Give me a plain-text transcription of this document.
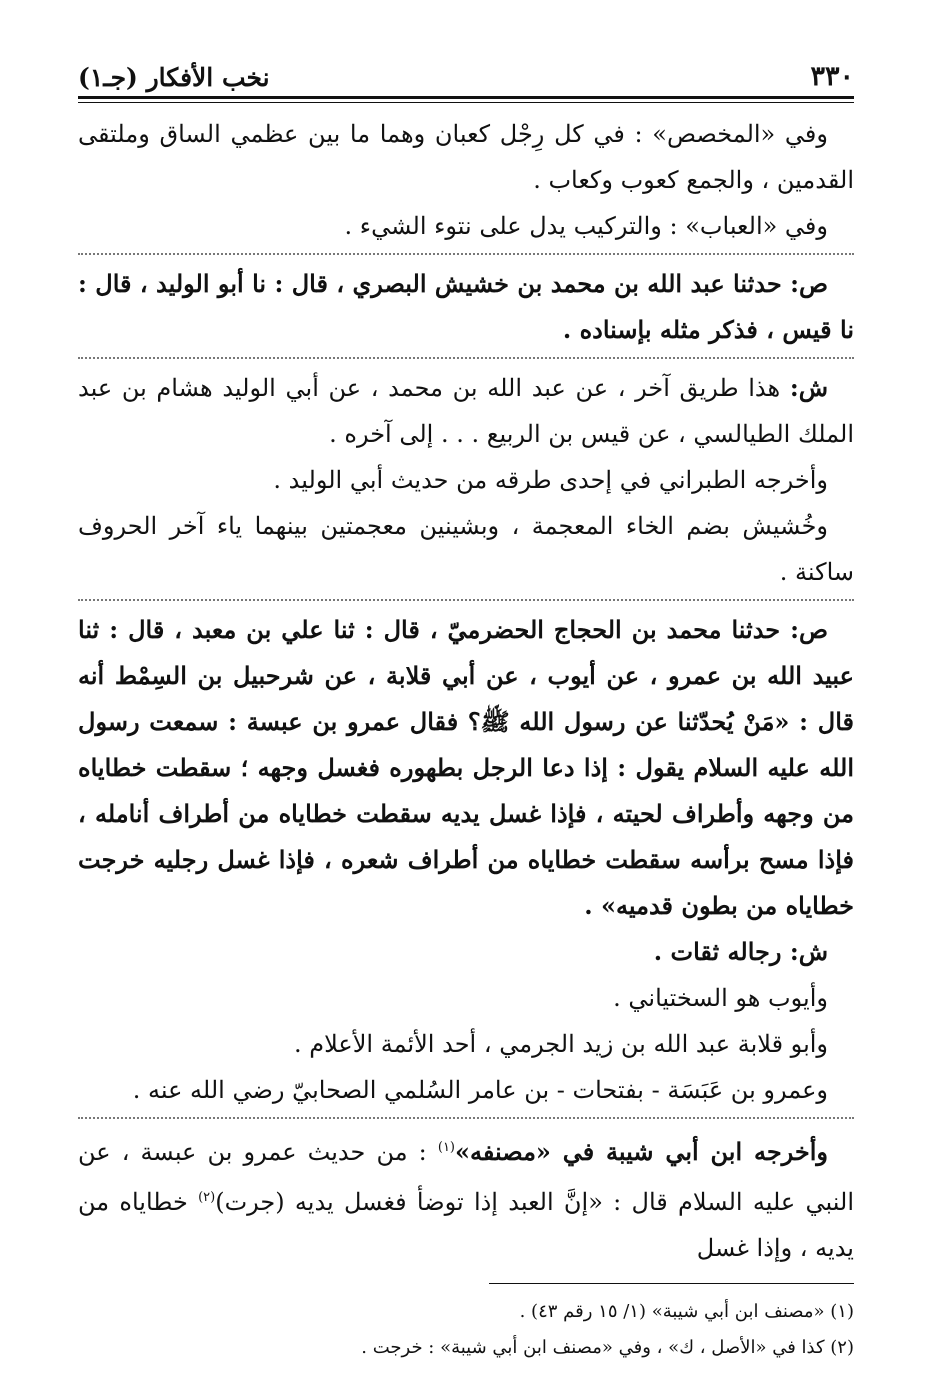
٣٣٠
نخب الأفكار (جـ١)

وفي «المخصص» : في كل رِجْل كعبان وهما ما بين عظمي الساق وملتقى القدمين ، والجمع كعوب وكعاب .

وفي «العباب» : والتركيب يدل على نتوء الشيء .

ص: حدثنا عبد الله بن محمد بن خشيش البصري ، قال : نا أبو الوليد ، قال : نا قيس ، فذكر مثله بإسناده .

ش: هذا طريق آخر ، عن عبد الله بن محمد ، عن أبي الوليد هشام بن عبد الملك الطيالسي ، عن قيس بن الربيع . . . إلى آخره .

وأخرجه الطبراني في إحدى طرقه من حديث أبي الوليد .

وخُشيش بضم الخاء المعجمة ، وبشينين معجمتين بينهما ياء آخر الحروف ساكنة .

ص: حدثنا محمد بن الحجاج الحضرميّ ، قال : ثنا علي بن معبد ، قال : ثنا عبيد الله بن عمرو ، عن أيوب ، عن أبي قلابة ، عن شرحبيل بن السِمْط أنه قال : «مَنْ يُحدّثنا عن رسول الله ﷺ؟ فقال عمرو بن عبسة : سمعت رسول الله عليه السلام يقول : إذا دعا الرجل بطهوره فغسل وجهه ؛ سقطت خطاياه من وجهه وأطراف لحيته ، فإذا غسل يديه سقطت خطاياه من أطراف أنامله ، فإذا مسح برأسه سقطت خطاياه من أطراف شعره ، فإذا غسل رجليه خرجت خطاياه من بطون قدميه» .

ش: رجاله ثقات .

وأيوب هو السختياني .

وأبو قلابة عبد الله بن زيد الجرمي ، أحد الأئمة الأعلام .

وعمرو بن عَبَسَة - بفتحات - بن عامر السُلمي الصحابيّ رضي الله عنه .

وأخرجه ابن أبي شيبة في «مصنفه»$^{(١)}$ : من حديث عمرو بن عبسة ، عن النبي عليه السلام قال : «إنَّ العبد إذا توضأ فغسل يديه (جرت)$^{(٢)}$ خطاياه من يديه ، وإذا غسل

(١) «مصنف ابن أبي شيبة» (١/ ١٥ رقم ٤٣) .

(٢) كذا في «الأصل ، ك» ، وفي «مصنف ابن أبي شيبة» : خرجت .
